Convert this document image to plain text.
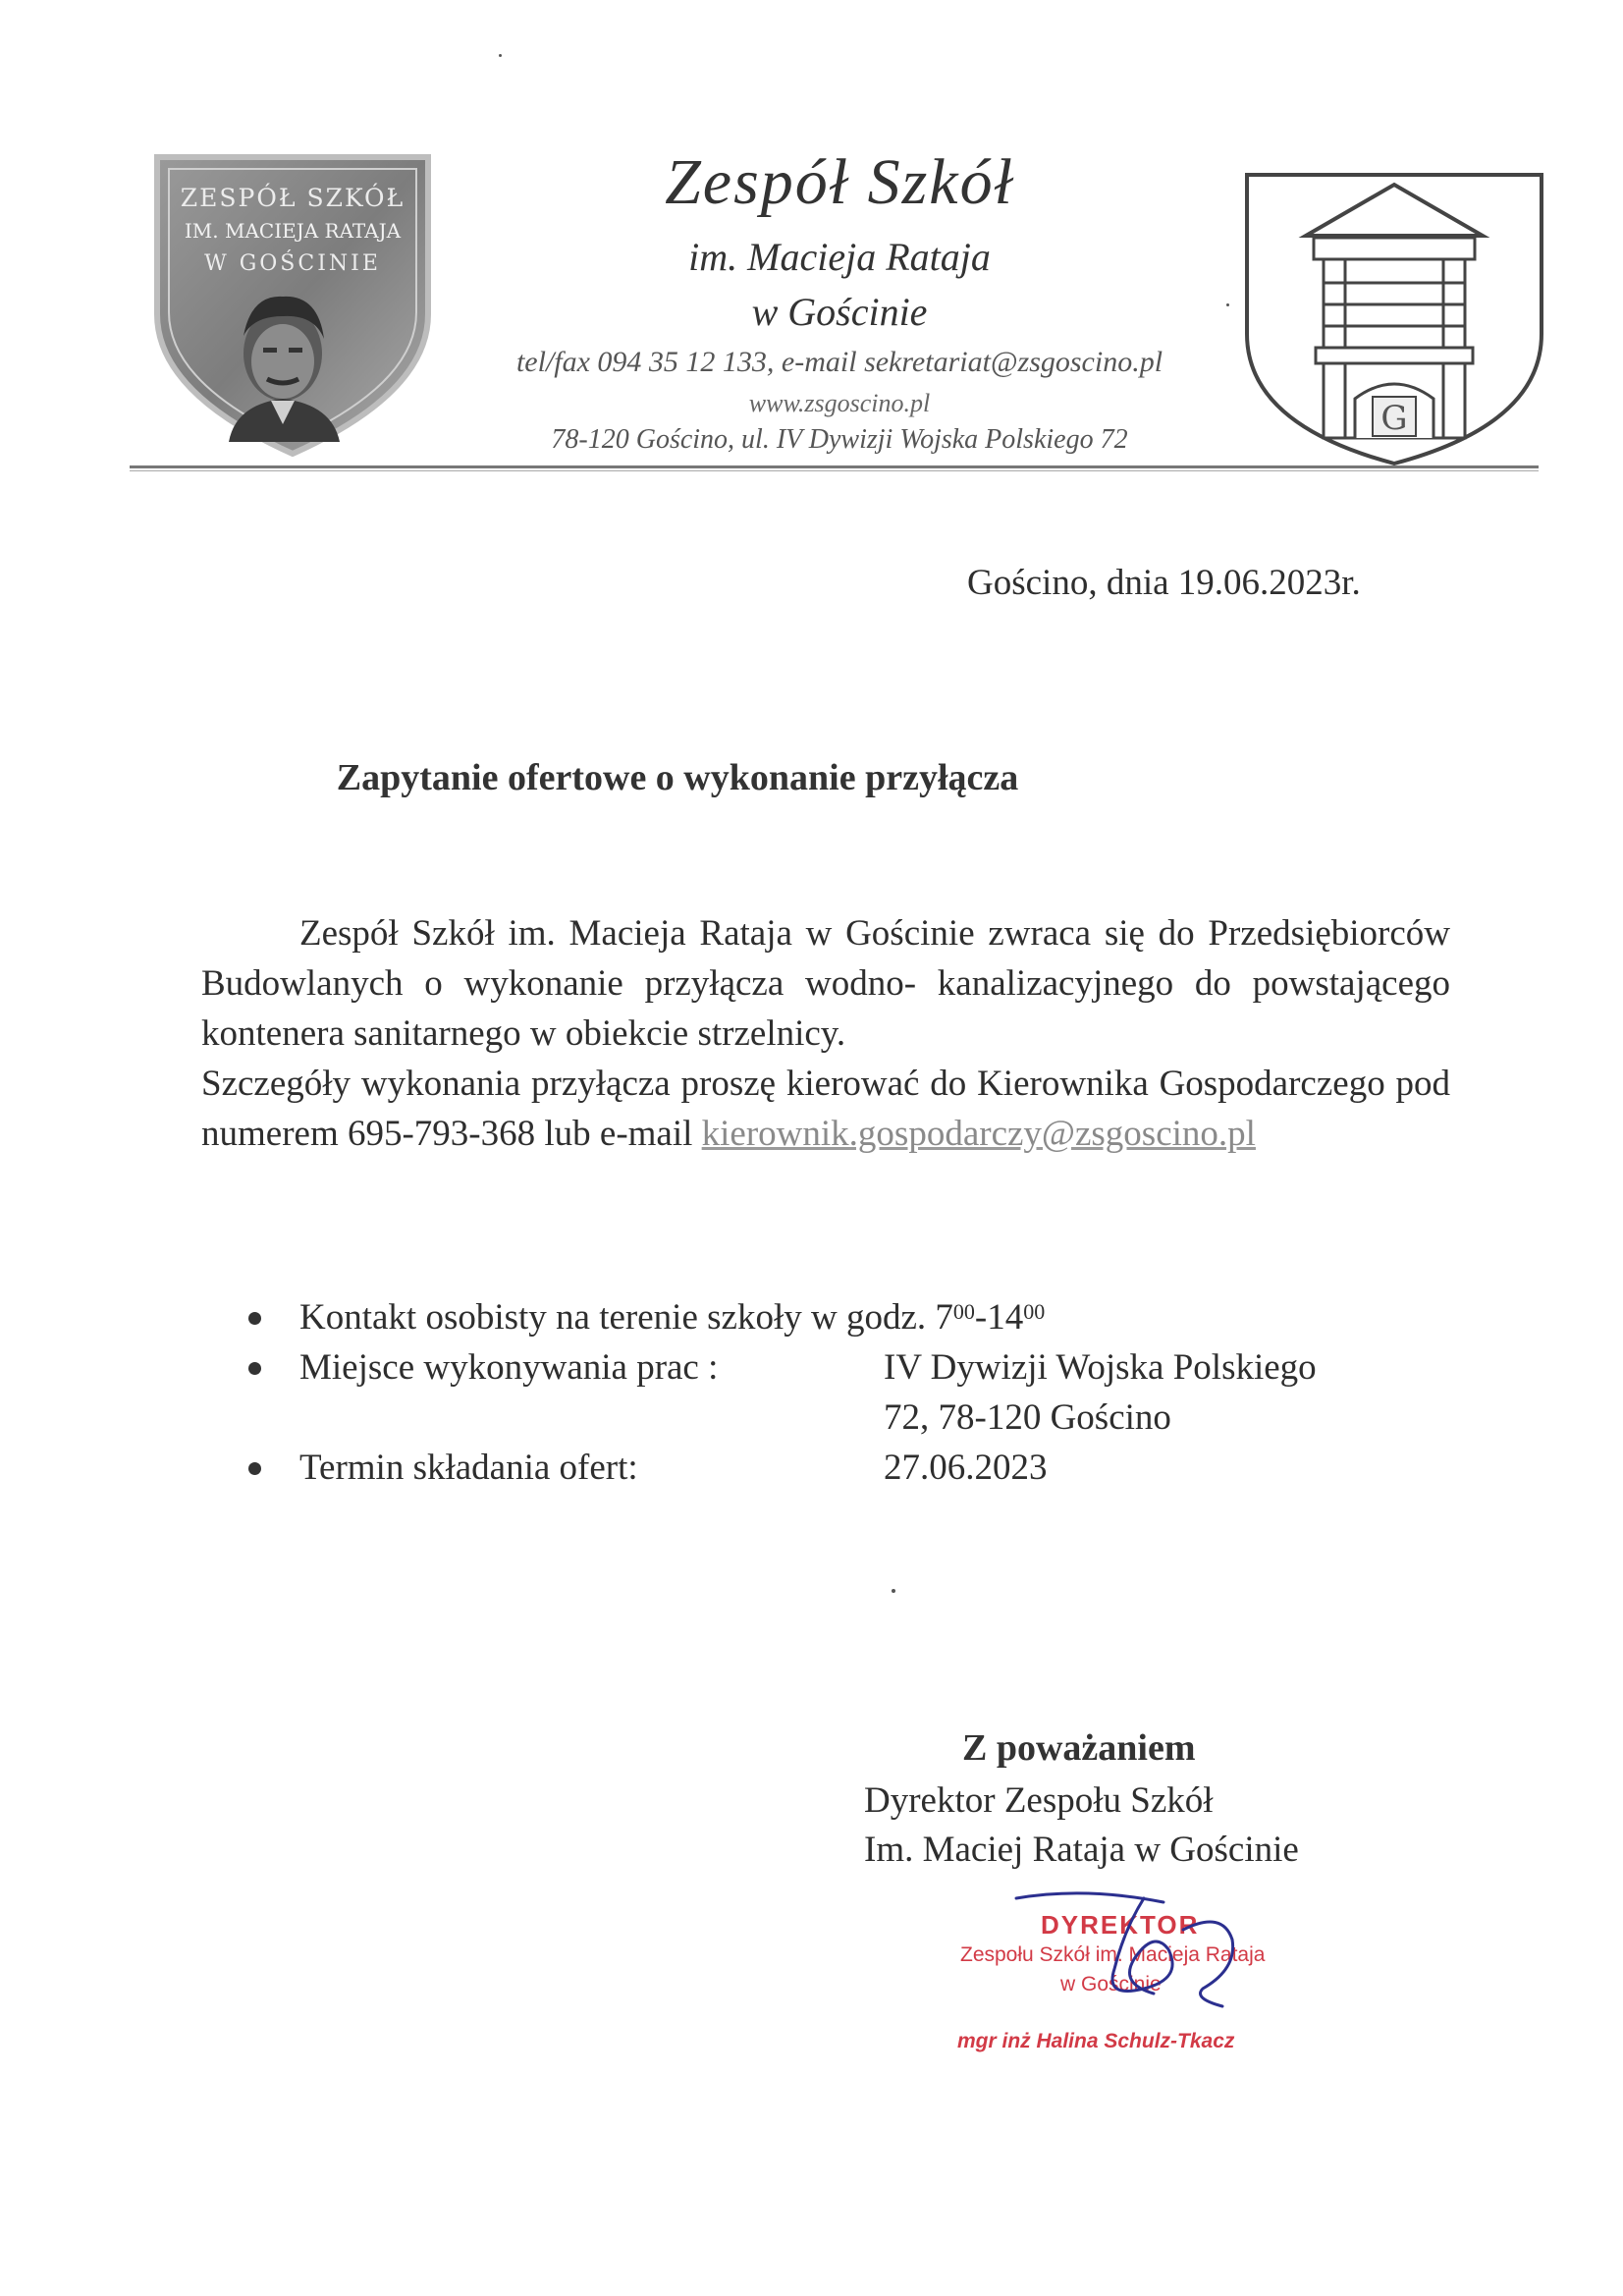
ZESPÓŁ SZKÓŁ
IM. MACIEJA RATAJA
W GOŚCINIE
Zespół Szkół
im. Macieja Rataja
w Gościnie
tel/fax 094 35 12 133, e-mail sekretariat@zsgoscino.pl
www.zsgoscino.pl
78-120 Gościno, ul. IV Dywizji Wojska Polskiego 72
G
Gościno, dnia 19.06.2023r.
Zapytanie ofertowe o wykonanie przyłącza

Zespół Szkół im. Macieja Rataja w Gościnie zwraca się do Przedsiębiorców Budowlanych o wykonanie przyłącza wodno- kanalizacyjnego do powstającego kontenera sanitarnego w obiekcie strzelnicy.

Szczegóły wykonania przyłącza proszę kierować do Kierownika Gospodarczego pod numerem 695-793-368 lub e-mail kierownik.gospodarczy@zsgoscino.pl

Kontakt osobisty na terenie szkoły w godz. $7^{00}-14^{00}$
Miejsce wykonywania prac :	IV Dywizji Wojska Polskiego
72, 78-120 Gościno
Termin składania ofert:	27.06.2023
Z poważaniem
Dyrektor Zespołu Szkół
Im. Maciej Rataja w Gościnie
DYREKTOR
Zespołu Szkół im. Macieja Rataja
w Gościnie
mgr inż Halina Schulz-Tkacz
